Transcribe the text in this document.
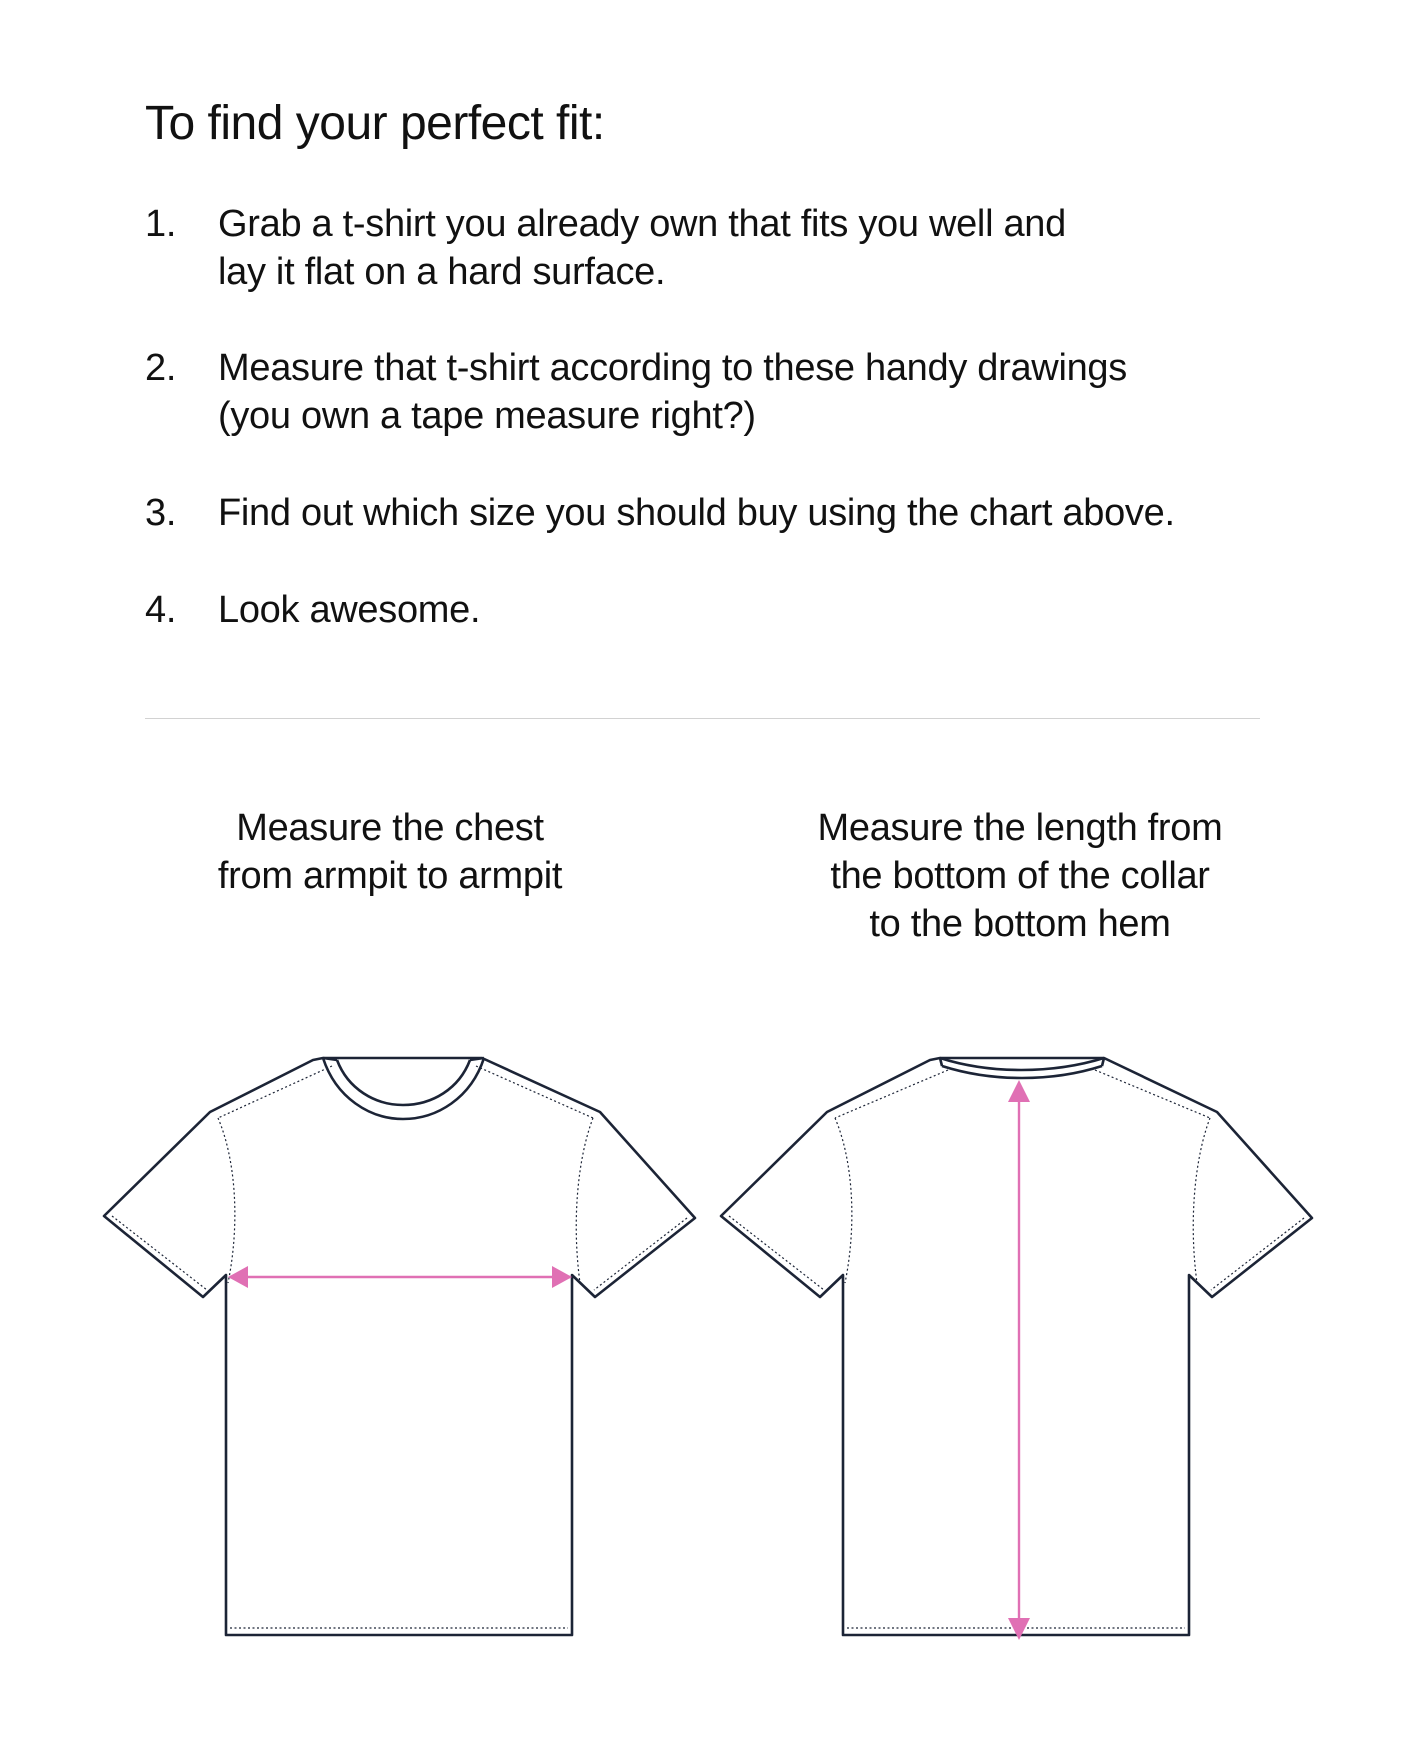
To find your perfect fit:
1. Grab a t-shirt you already own that fits you well and
lay it flat on a hard surface.
2. Measure that t-shirt according to these handy drawings
(you own a tape measure right?)
3. Find out which size you should buy using the chart above.
4. Look awesome.
Measure the chest
from armpit to armpit
Measure the length from
the bottom of the collar
to the bottom hem
